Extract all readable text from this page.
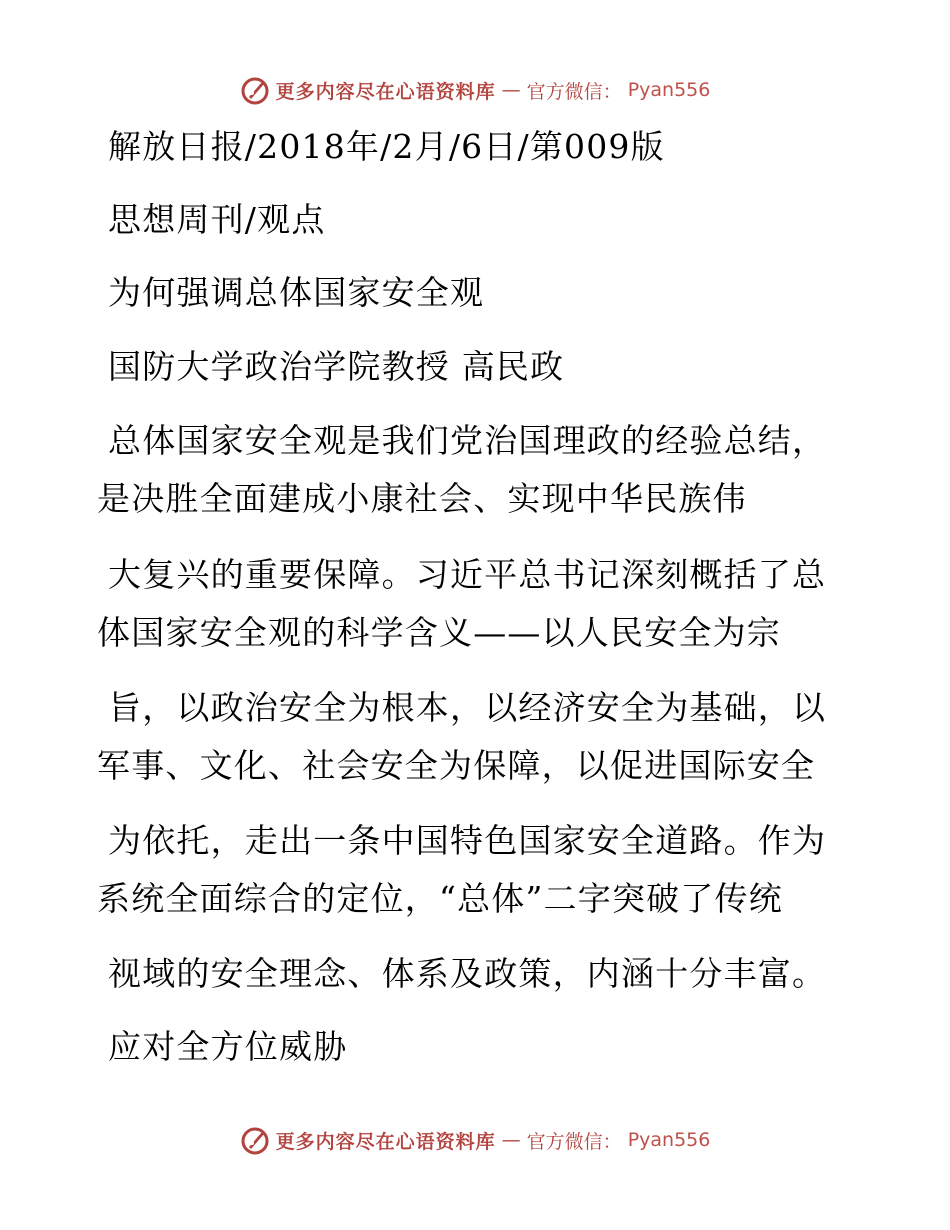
更多内容尽在心语资料库 — 官方微信： Pyan556
解放日报/2018年/2月/6日/第009版
思想周刊/观点
为何强调总体国家安全观
国防大学政治学院教授 高民政
总体国家安全观是我们党治国理政的经验总结，
是决胜全面建成小康社会、实现中华民族伟
大复兴的重要保障。习近平总书记深刻概括了总
体国家安全观的科学含义——以人民安全为宗
旨，以政治安全为根本，以经济安全为基础，以
军事、文化、社会安全为保障，以促进国际安全
为依托，走出一条中国特色国家安全道路。作为
系统全面综合的定位，“总体”二字突破了传统
视域的安全理念、体系及政策，内涵十分丰富。
应对全方位威胁
更多内容尽在心语资料库 — 官方微信： Pyan556
